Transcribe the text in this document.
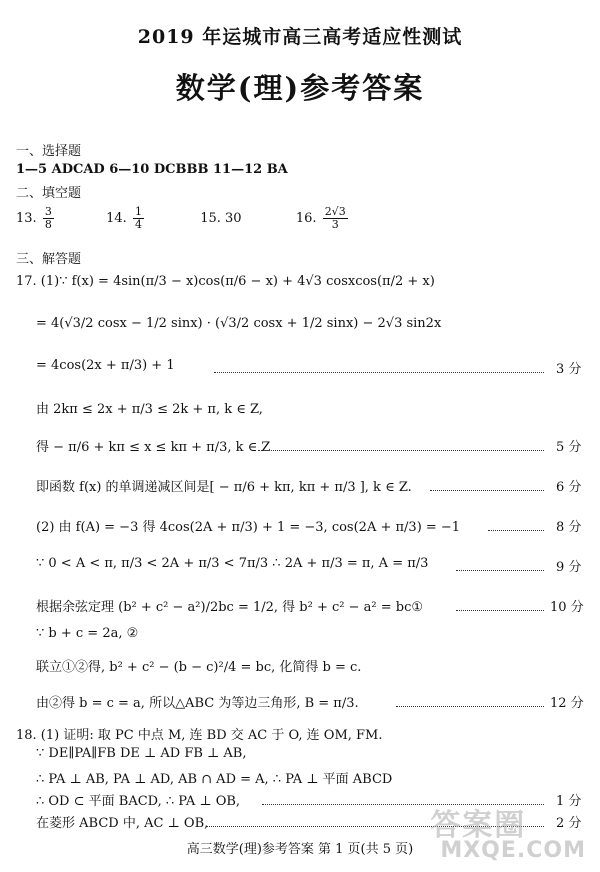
2019 年运城市高三高考适应性测试
数学(理)参考答案
一、选择题
1—5 ADCAD 6—10 DCBBB 11—12 BA
二、填空题
13. $\frac{3}{8}$	14. $\frac{1}{4}$	15. 30	16. $\frac{2√3}{3}$
三、解答题
17. (1)∵ f(x) = 4sin(π/3 − x)cos(π/6 − x) + 4√3 cosxcos(π/2 + x)
= 4(√3/2 cosx − 1/2 sinx) · (√3/2 cosx + 1/2 sinx) − 2√3 sin2x
= 4cos(2x + π/3) + 1	3 分
由 2kπ ≤ 2x + π/3 ≤ 2k + π, k ∈ Z,
得 − π/6 + kπ ≤ x ≤ kπ + π/3, k ∈ Z	5 分
即函数 f(x) 的单调递减区间是[ − π/6 + kπ, kπ + π/3 ], k ∈ Z.	6 分
(2) 由 f(A) = −3 得 4cos(2A + π/3) + 1 = −3, cos(2A + π/3) = −1	8 分
∵ 0 < A < π, π/3 < 2A + π/3 < 7π/3 ∴ 2A + π/3 = π, A = π/3	9 分
根据余弦定理 (b² + c² − a²)/2bc = 1/2, 得 b² + c² − a² = bc①	10 分
∵ b + c = 2a, ②
联立①②得, b² + c² − (b − c)²/4 = bc, 化简得 b = c.
由②得 b = c = a, 所以△ABC 为等边三角形, B = π/3.	12 分
18. (1) 证明: 取 PC 中点 M, 连 BD 交 AC 于 O, 连 OM, FM.
∵ DE∥PA∥FB DE ⊥ AD FB ⊥ AB,
∴ PA ⊥ AB, PA ⊥ AD, AB ∩ AD = A, ∴ PA ⊥ 平面 ABCD
∴ OD ⊂ 平面 BACD, ∴ PA ⊥ OB,	1 分
在菱形 ABCD 中, AC ⊥ OB,	2 分
高三数学(理)参考答案 第 1 页(共 5 页)
答案圈
MXQE.COM
